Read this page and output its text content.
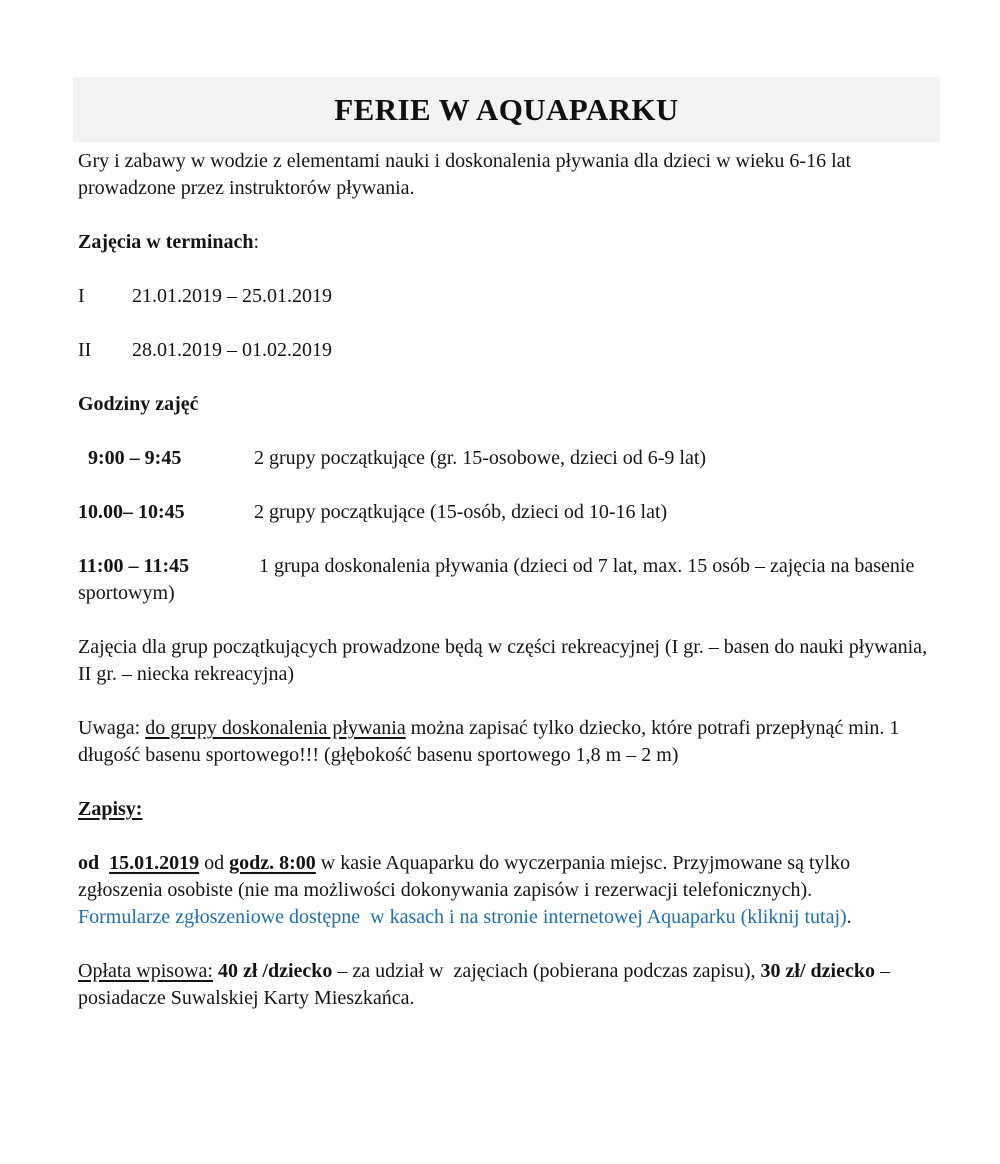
FERIE W AQUAPARKU

Gry i zabawy w wodzie z elementami nauki i doskonalenia pływania dla dzieci w wieku 6-16 lat prowadzone przez instruktorów pływania.

Zajęcia w terminach:

I 21.01.2019 – 25.01.2019

II 28.01.2019 – 01.02.2019

Godziny zajęć

9:00 – 9:45	2 grupy początkujące (gr. 15-osobowe, dzieci od 6-9 lat)

10.00– 10:45	2 grupy początkujące (15-osób, dzieci od 10-16 lat)

11:00 – 11:45	1 grupa doskonalenia pływania (dzieci od 7 lat, max. 15 osób – zajęcia na basenie sportowym)

Zajęcia dla grup początkujących prowadzone będą w części rekreacyjnej (I gr. – basen do nauki pływania, II gr. – niecka rekreacyjna)

Uwaga: do grupy doskonalenia pływania można zapisać tylko dziecko, które potrafi przepłynąć min. 1 długość basenu sportowego!!! (głębokość basenu sportowego 1,8 m – 2 m)

Zapisy:

od  15.01.2019 od godz. 8:00 w kasie Aquaparku do wyczerpania miejsc. Przyjmowane są tylko zgłoszenia osobiste (nie ma możliwości dokonywania zapisów i rezerwacji telefonicznych).

Formularze zgłoszeniowe dostępne  w kasach i na stronie internetowej Aquaparku (kliknij tutaj).

Opłata wpisowa: 40 zł /dziecko – za udział w  zajęciach (pobierana podczas zapisu), 30 zł/ dziecko – posiadacze Suwalskiej Karty Mieszkańca.
